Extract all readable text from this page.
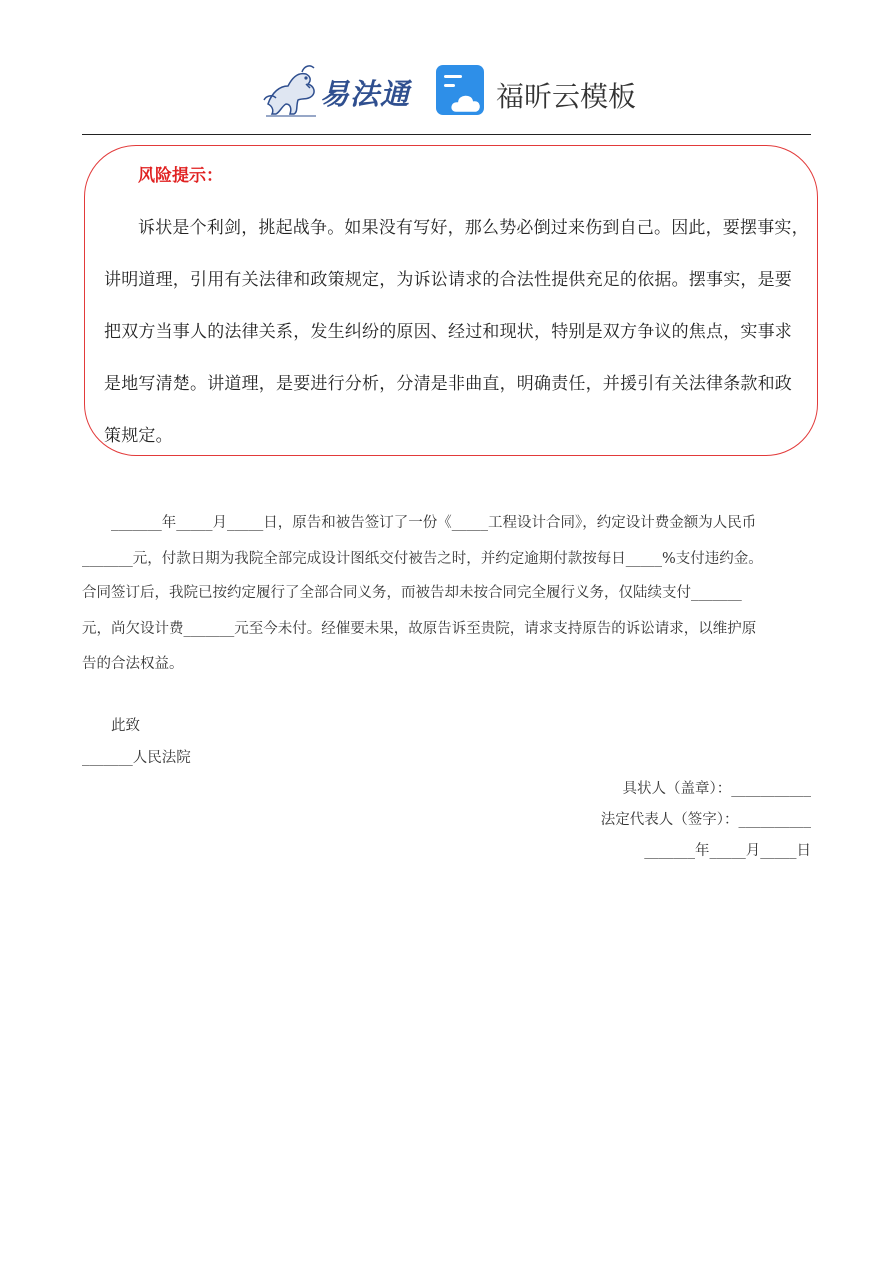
易法通	福昕云模板
风险提示：
诉状是个利剑，挑起战争。如果没有写好，那么势必倒过来伤到自己。因此，要摆事实，
讲明道理，引用有关法律和政策规定，为诉讼请求的合法性提供充足的依据。摆事实，是要
把双方当事人的法律关系，发生纠纷的原因、经过和现状，特别是双方争议的焦点，实事求
是地写清楚。讲道理，是要进行分析，分清是非曲直，明确责任，并援引有关法律条款和政
策规定。
　　_______年_____月_____日，原告和被告签订了一份《_____工程设计合同》，约定设计费金额为人民币
_______元，付款日期为我院全部完成设计图纸交付被告之时，并约定逾期付款按每日_____%支付违约金。
合同签订后，我院已按约定履行了全部合同义务，而被告却未按合同完全履行义务，仅陆续支付_______
元，尚欠设计费_______元至今未付。经催要未果，故原告诉至贵院，请求支持原告的诉讼请求，以维护原
告的合法权益。
　　此致
_______人民法院
具状人（盖章）：___________
法定代表人（签字）：__________
_______年_____月_____日
